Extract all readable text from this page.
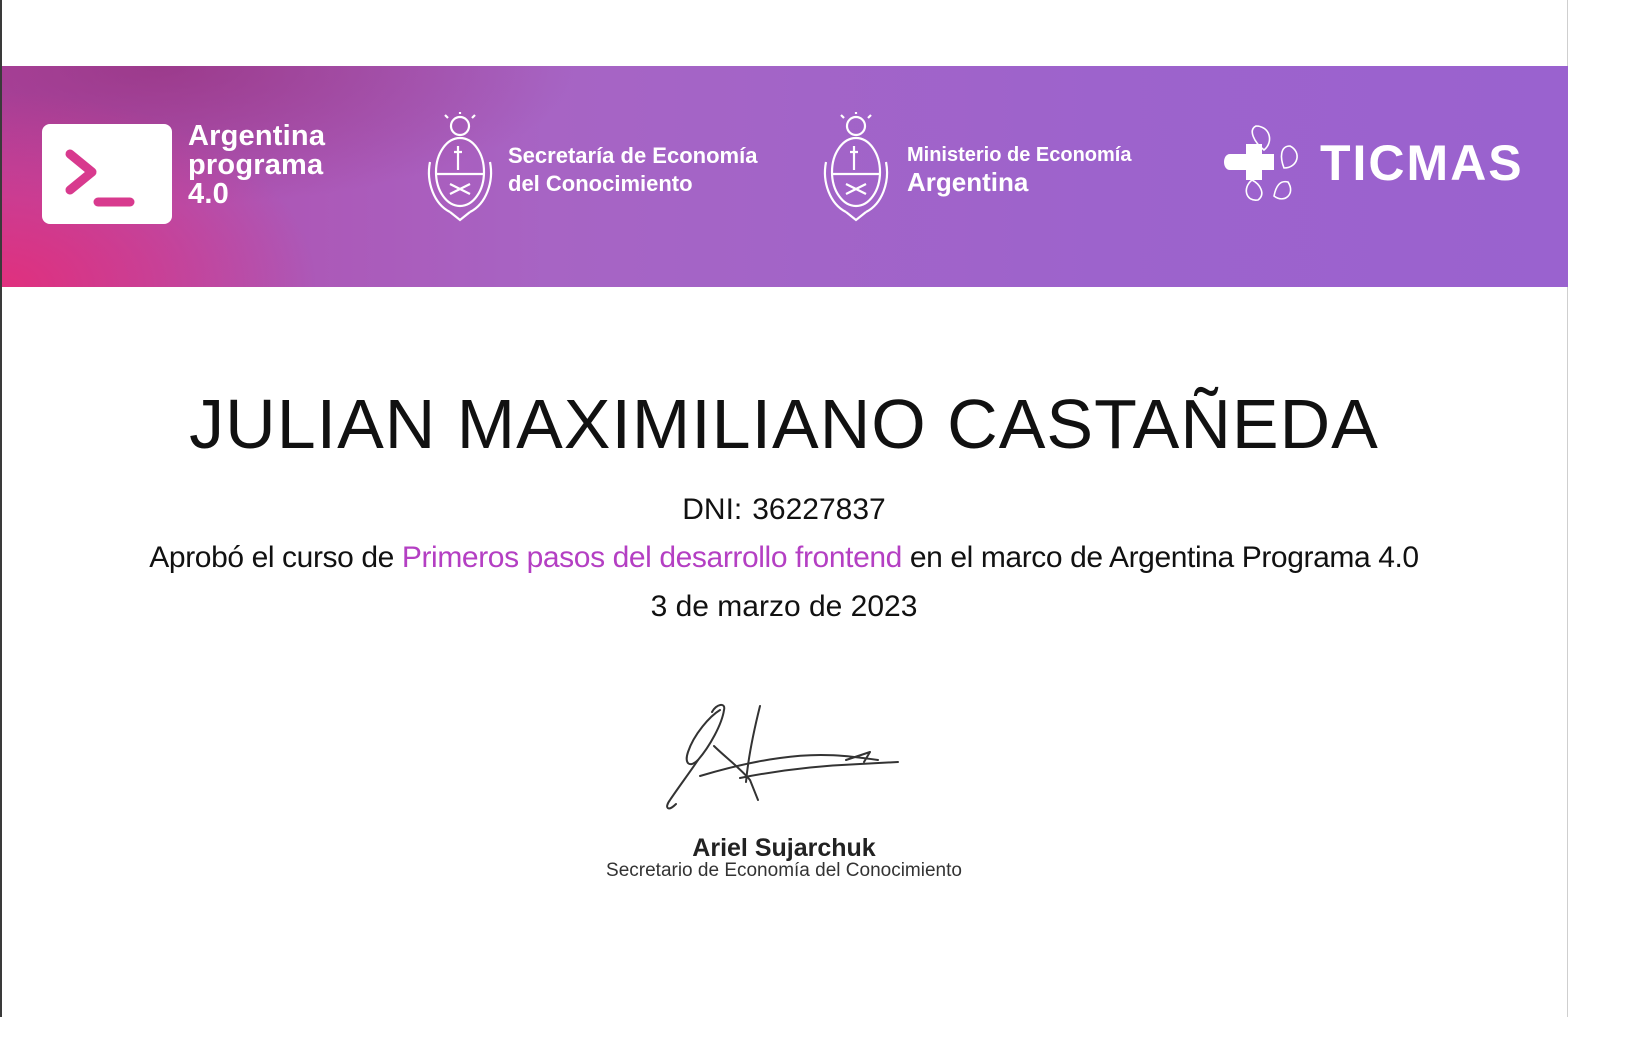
Argentina
programa
4.0
Secretaría de Economía
del Conocimiento
Ministerio de Economía
Argentina	TICMAS
JULIAN MAXIMILIANO CASTAÑEDA
DNI: 36227837
Aprobó el curso de Primeros pasos del desarrollo frontend en el marco de Argentina Programa 4.0
3 de marzo de 2023
Ariel Sujarchuk
Secretario de Economía del Conocimiento
